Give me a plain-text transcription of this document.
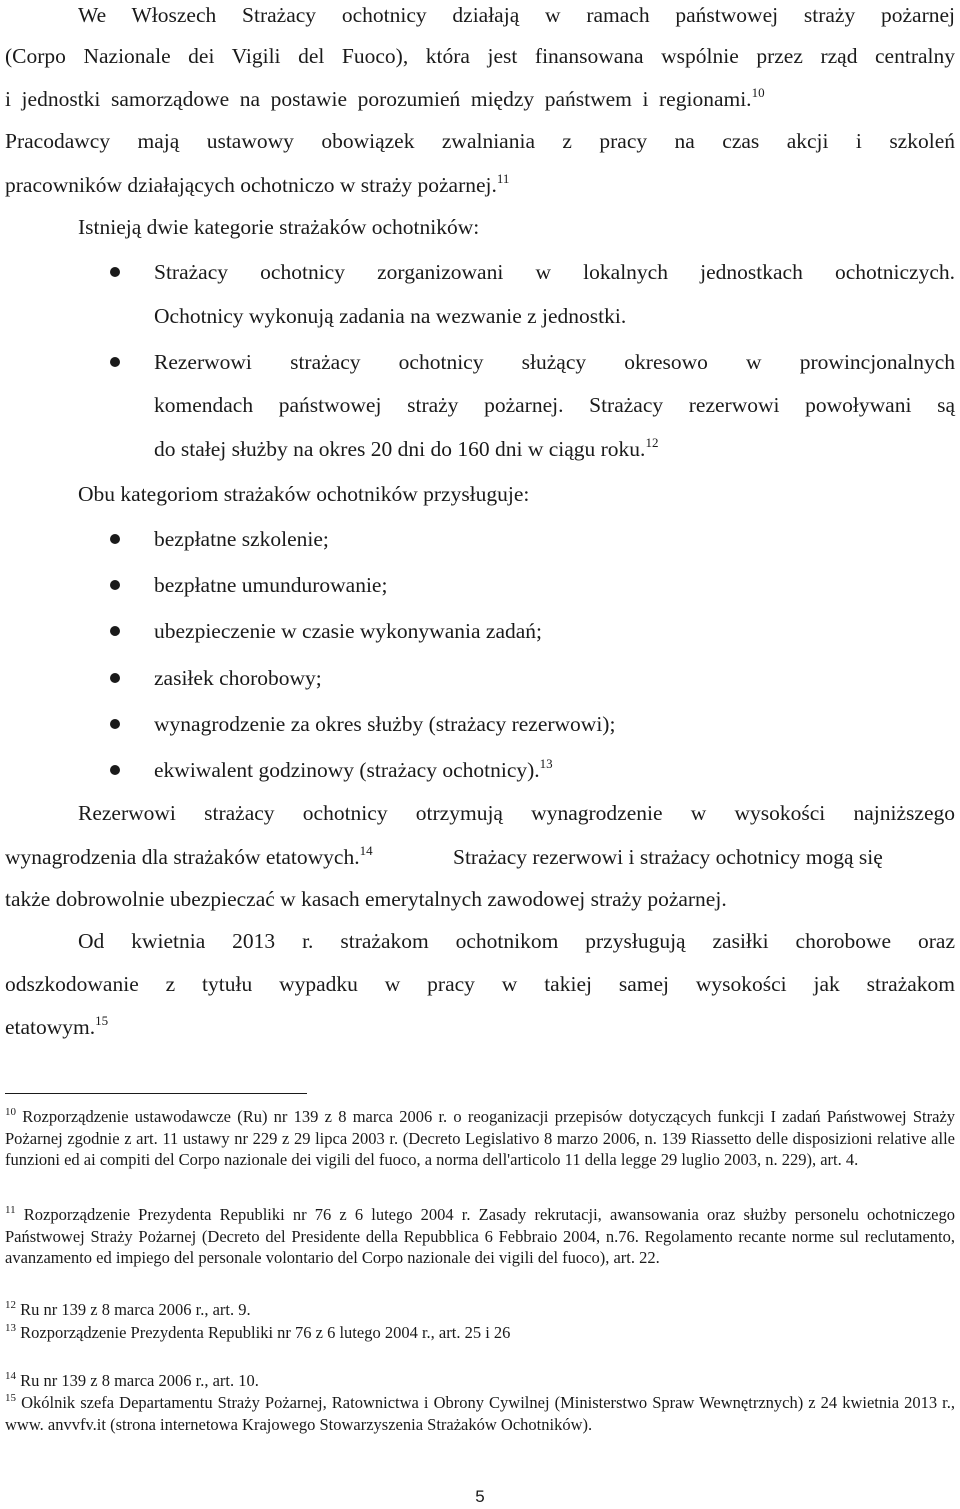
We Włoszech Strażacy ochotnicy działają w ramach państwowej straży pożarnej
(Corpo Nazionale dei Vigili del Fuoco), która jest finansowana wspólnie przez rząd centralny
i jednostki samorządowe na postawie porozumień między państwem i regionami.$^{10}$
Pracodawcy mają ustawowy obowiązek zwalniania z pracy na czas akcji i szkoleń
pracowników działających ochotniczo w straży pożarnej.$^{11}$
Istnieją dwie kategorie strażaków ochotników:
Strażacy ochotnicy zorganizowani w lokalnych jednostkach ochotniczych.
Ochotnicy wykonują zadania na wezwanie z jednostki.
Rezerwowi strażacy ochotnicy służący okresowo w prowincjonalnych
komendach państwowej straży pożarnej. Strażacy rezerwowi powoływani są
do stałej służby na okres 20 dni do 160 dni w ciągu roku.$^{12}$
Obu kategoriom strażaków ochotników przysługuje:
bezpłatne szkolenie;
bezpłatne umundurowanie;
ubezpieczenie w czasie wykonywania zadań;
zasiłek chorobowy;
wynagrodzenie za okres służby (strażacy rezerwowi);
ekwiwalent godzinowy (strażacy ochotnicy).$^{13}$
Rezerwowi strażacy ochotnicy otrzymują wynagrodzenie w wysokości najniższego
wynagrodzenia dla strażaków etatowych.$^{14}$	Strażacy rezerwowi i strażacy ochotnicy mogą się
także dobrowolnie ubezpieczać w kasach emerytalnych zawodowej straży pożarnej.
Od kwietnia 2013 r. strażakom ochotnikom przysługują zasiłki chorobowe oraz
odszkodowanie z tytułu wypadku w pracy w takiej samej wysokości jak strażakom
etatowym.$^{15}$
$^{10}$ Rozporządzenie ustawodawcze (Ru) nr 139 z 8 marca 2006 r. o reoganizacji przepisów dotyczących funkcji I zadań Państwowej Straży Pożarnej zgodnie z art. 11 ustawy nr 229 z 29 lipca 2003 r. (Decreto Legislativo 8 marzo 2006, n. 139 Riassetto delle disposizioni relative alle funzioni ed ai compiti del Corpo nazionale dei vigili del fuoco, a norma dell'articolo 11 della legge 29 luglio 2003, n. 229), art. 4.
$^{11}$ Rozporządzenie Prezydenta Republiki nr 76 z 6 lutego 2004 r. Zasady rekrutacji, awansowania oraz służby personelu ochotniczego Państwowej Straży Pożarnej (Decreto del Presidente della Repubblica 6 Febbraio 2004, n.76. Regolamento recante norme sul reclutamento, avanzamento ed impiego del personale volontario del Corpo nazionale dei vigili del fuoco), art. 22.
$^{12}$ Ru nr 139 z 8 marca 2006 r., art. 9.
$^{13}$ Rozporządzenie Prezydenta Republiki nr 76 z 6 lutego 2004 r., art. 25 i 26
$^{14}$ Ru nr 139 z 8 marca 2006 r., art. 10.
$^{15}$ Okólnik szefa Departamentu Straży Pożarnej, Ratownictwa i Obrony Cywilnej (Ministerstwo Spraw Wewnętrznych) z 24 kwietnia 2013 r., www. anvvfv.it (strona internetowa Krajowego Stowarzyszenia Strażaków Ochotników).
5
